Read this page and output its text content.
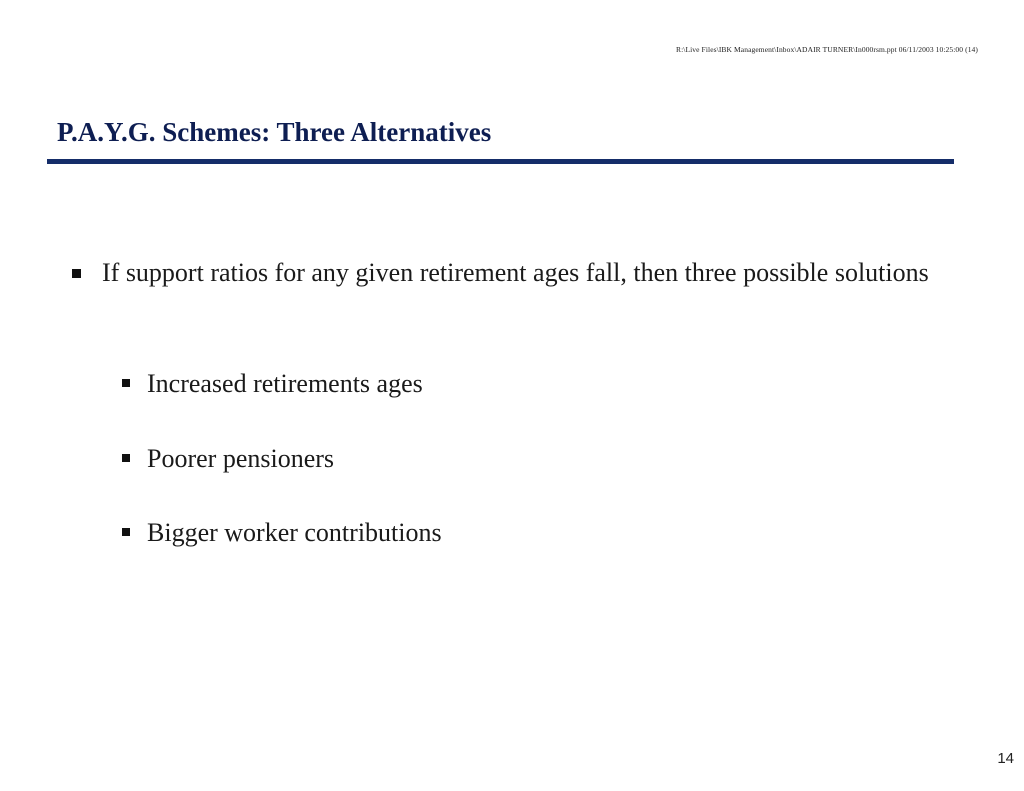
R:\Live Files\IBK Management\Inbox\ADAIR TURNER\In000rsm.ppt 06/11/2003 10:25:00 (14)
P.A.Y.G. Schemes: Three Alternatives
If support ratios for any given retirement ages fall, then three possible solutions
Increased retirements ages
Poorer pensioners
Bigger worker contributions
14
